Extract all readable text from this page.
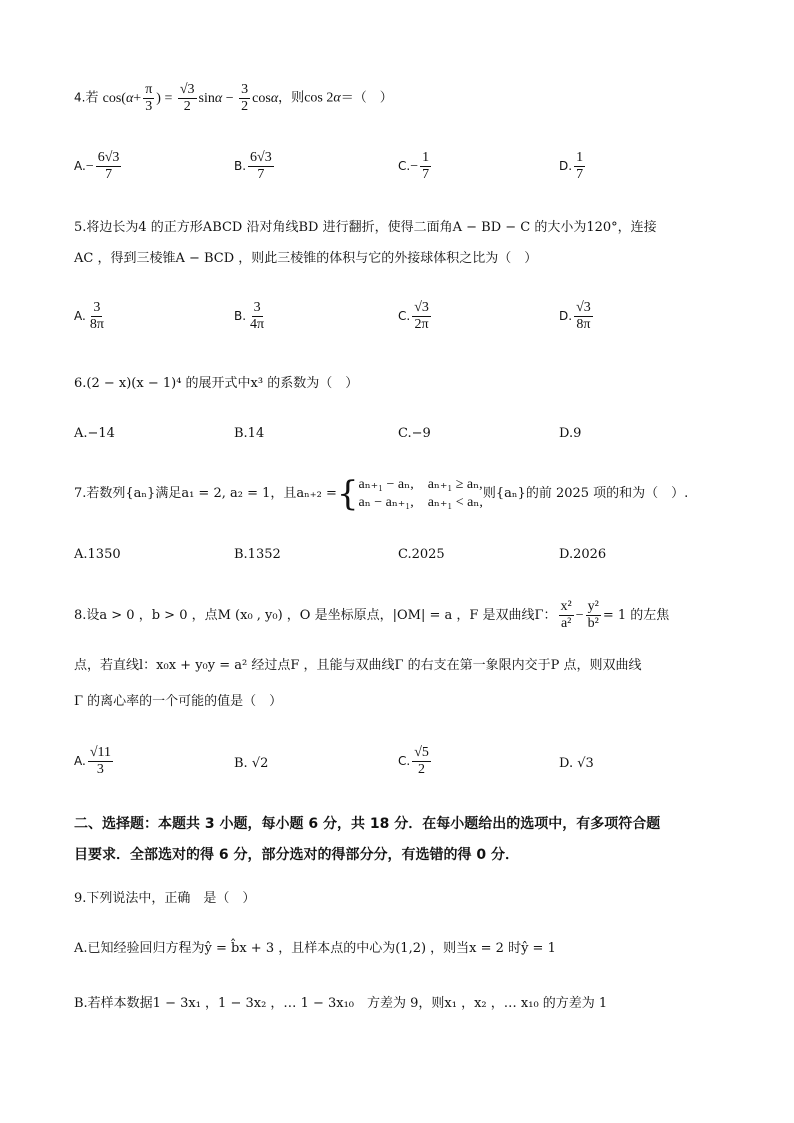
4.若 $\cos(\alpha+ \frac{\pi}{3}$ ) = $\frac{√3}{2}$ $\sin\alpha - \frac{3}{2}$ cosα，则cos 2α＝（　）
$A.- \frac{6√3}{7}$	B. $\frac{6√3}{7}$	$C.- \frac{1}{7}$	D. $\frac{1}{7}$
5.将边长为4 的正方形ABCD 沿对角线BD 进行翻折，使得二面角A − BD − C 的大小为120°，连接
AC ，得到三棱锥A − BCD ，则此三棱锥的体积与它的外接球体积之比为（　）
A. $\frac{3}{8\pi}$	B. $\frac{3}{4\pi}$	C. $\frac{√3}{2\pi}$	D. $\frac{√3}{8\pi}$
6.(2 − x)(x − 1)⁴ 的展开式中x³ 的系数为（　）
A.−14	B.14	C.−9	D.9
7.若数列{aₙ}满足a₁ = 2, a₂ = 1，且aₙ₊₂ ={ aₙ₊₁ − aₙ,　aₙ₊₁ ≥ aₙ,
aₙ − aₙ₊₁,　aₙ₊₁ < aₙ,
则{aₙ}的前 2025 项的和为（　）.
A.1350	B.1352	C.2025	D.2026
8.设a > 0 ，b > 0 ，点M (x₀ , y₀) ，O 是坐标原点，|OM| = a ，F 是双曲线Γ： $\frac{\text{x²}}{\text{a²}} - \frac{\text{y²}}{\text{b²}} = 1$ 的左焦
点，若直线l：x₀x + y₀y = a² 经过点F ，且能与双曲线Γ 的右支在第一象限内交于P 点，则双曲线
Γ 的离心率的一个可能的值是（　）
A. $\frac{√11}{3}$	B. √2	C. $\frac{√5}{2}$	D. √3
二、选择题：本题共 3 小题，每小题 6 分，共 18 分．在每小题给出的选项中，有多项符合题
目要求．全部选对的得 6 分，部分选对的得部分分，有选错的得 0 分．
9.下列说法中，正确　是（　）
A.已知经验回归方程为ŷ = b̂x + 3 ，且样本点的中心为(1,2) ，则当x = 2 时ŷ = 1
B.若样本数据1 − 3x₁ ，1 − 3x₂ ，… 1 − 3x₁₀　方差为 9，则x₁ ，x₂ ，… x₁₀ 的方差为 1
